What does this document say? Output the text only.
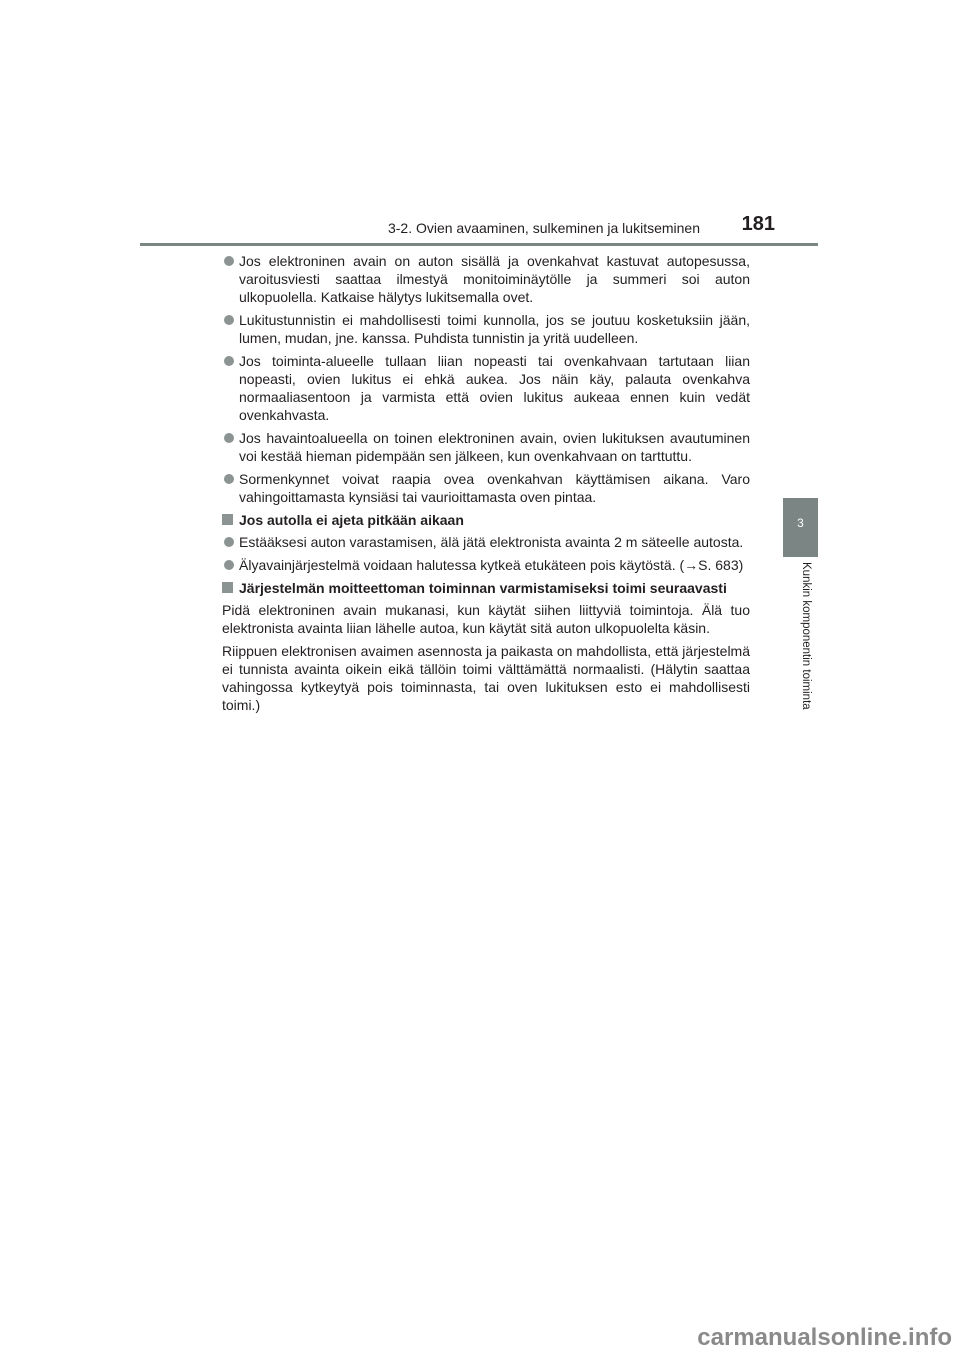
3-2. Ovien avaaminen, sulkeminen ja lukitseminen	181
3
Kunkin komponentin toiminta
Jos elektroninen avain on auton sisällä ja ovenkahvat kastuvat autopesussa, varoitusviesti saattaa ilmestyä monitoiminäytölle ja summeri soi auton ulkopuolella. Katkaise hälytys lukitsemalla ovet.
Lukitustunnistin ei mahdollisesti toimi kunnolla, jos se joutuu kosketuksiin jään, lumen, mudan, jne. kanssa. Puhdista tunnistin ja yritä uudelleen.
Jos toiminta-alueelle tullaan liian nopeasti tai ovenkahvaan tartutaan liian nopeasti, ovien lukitus ei ehkä aukea. Jos näin käy, palauta ovenkahva normaaliasentoon ja varmista että ovien lukitus aukeaa ennen kuin vedät ovenkahvasta.
Jos havaintoalueella on toinen elektroninen avain, ovien lukituksen avautuminen voi kestää hieman pidempään sen jälkeen, kun ovenkahvaan on tarttuttu.
Sormenkynnet voivat raapia ovea ovenkahvan käyttämisen aikana. Varo vahingoittamasta kynsiäsi tai vaurioittamasta oven pintaa.
Jos autolla ei ajeta pitkään aikaan
Estääksesi auton varastamisen, älä jätä elektronista avainta 2 m säteelle autosta.
Älyavainjärjestelmä voidaan halutessa kytkeä etukäteen pois käytöstä. (→S. 683)
Järjestelmän moitteettoman toiminnan varmistamiseksi toimi seuraavasti
Pidä elektroninen avain mukanasi, kun käytät siihen liittyviä toimintoja. Älä tuo elektronista avainta liian lähelle autoa, kun käytät sitä auton ulkopuolelta käsin.
Riippuen elektronisen avaimen asennosta ja paikasta on mahdollista, että järjestelmä ei tunnista avainta oikein eikä tällöin toimi välttämättä normaalisti. (Hälytin saattaa vahingossa kytkeytyä pois toiminnasta, tai oven lukituksen esto ei mahdollisesti toimi.)
carmanualsonline.info
